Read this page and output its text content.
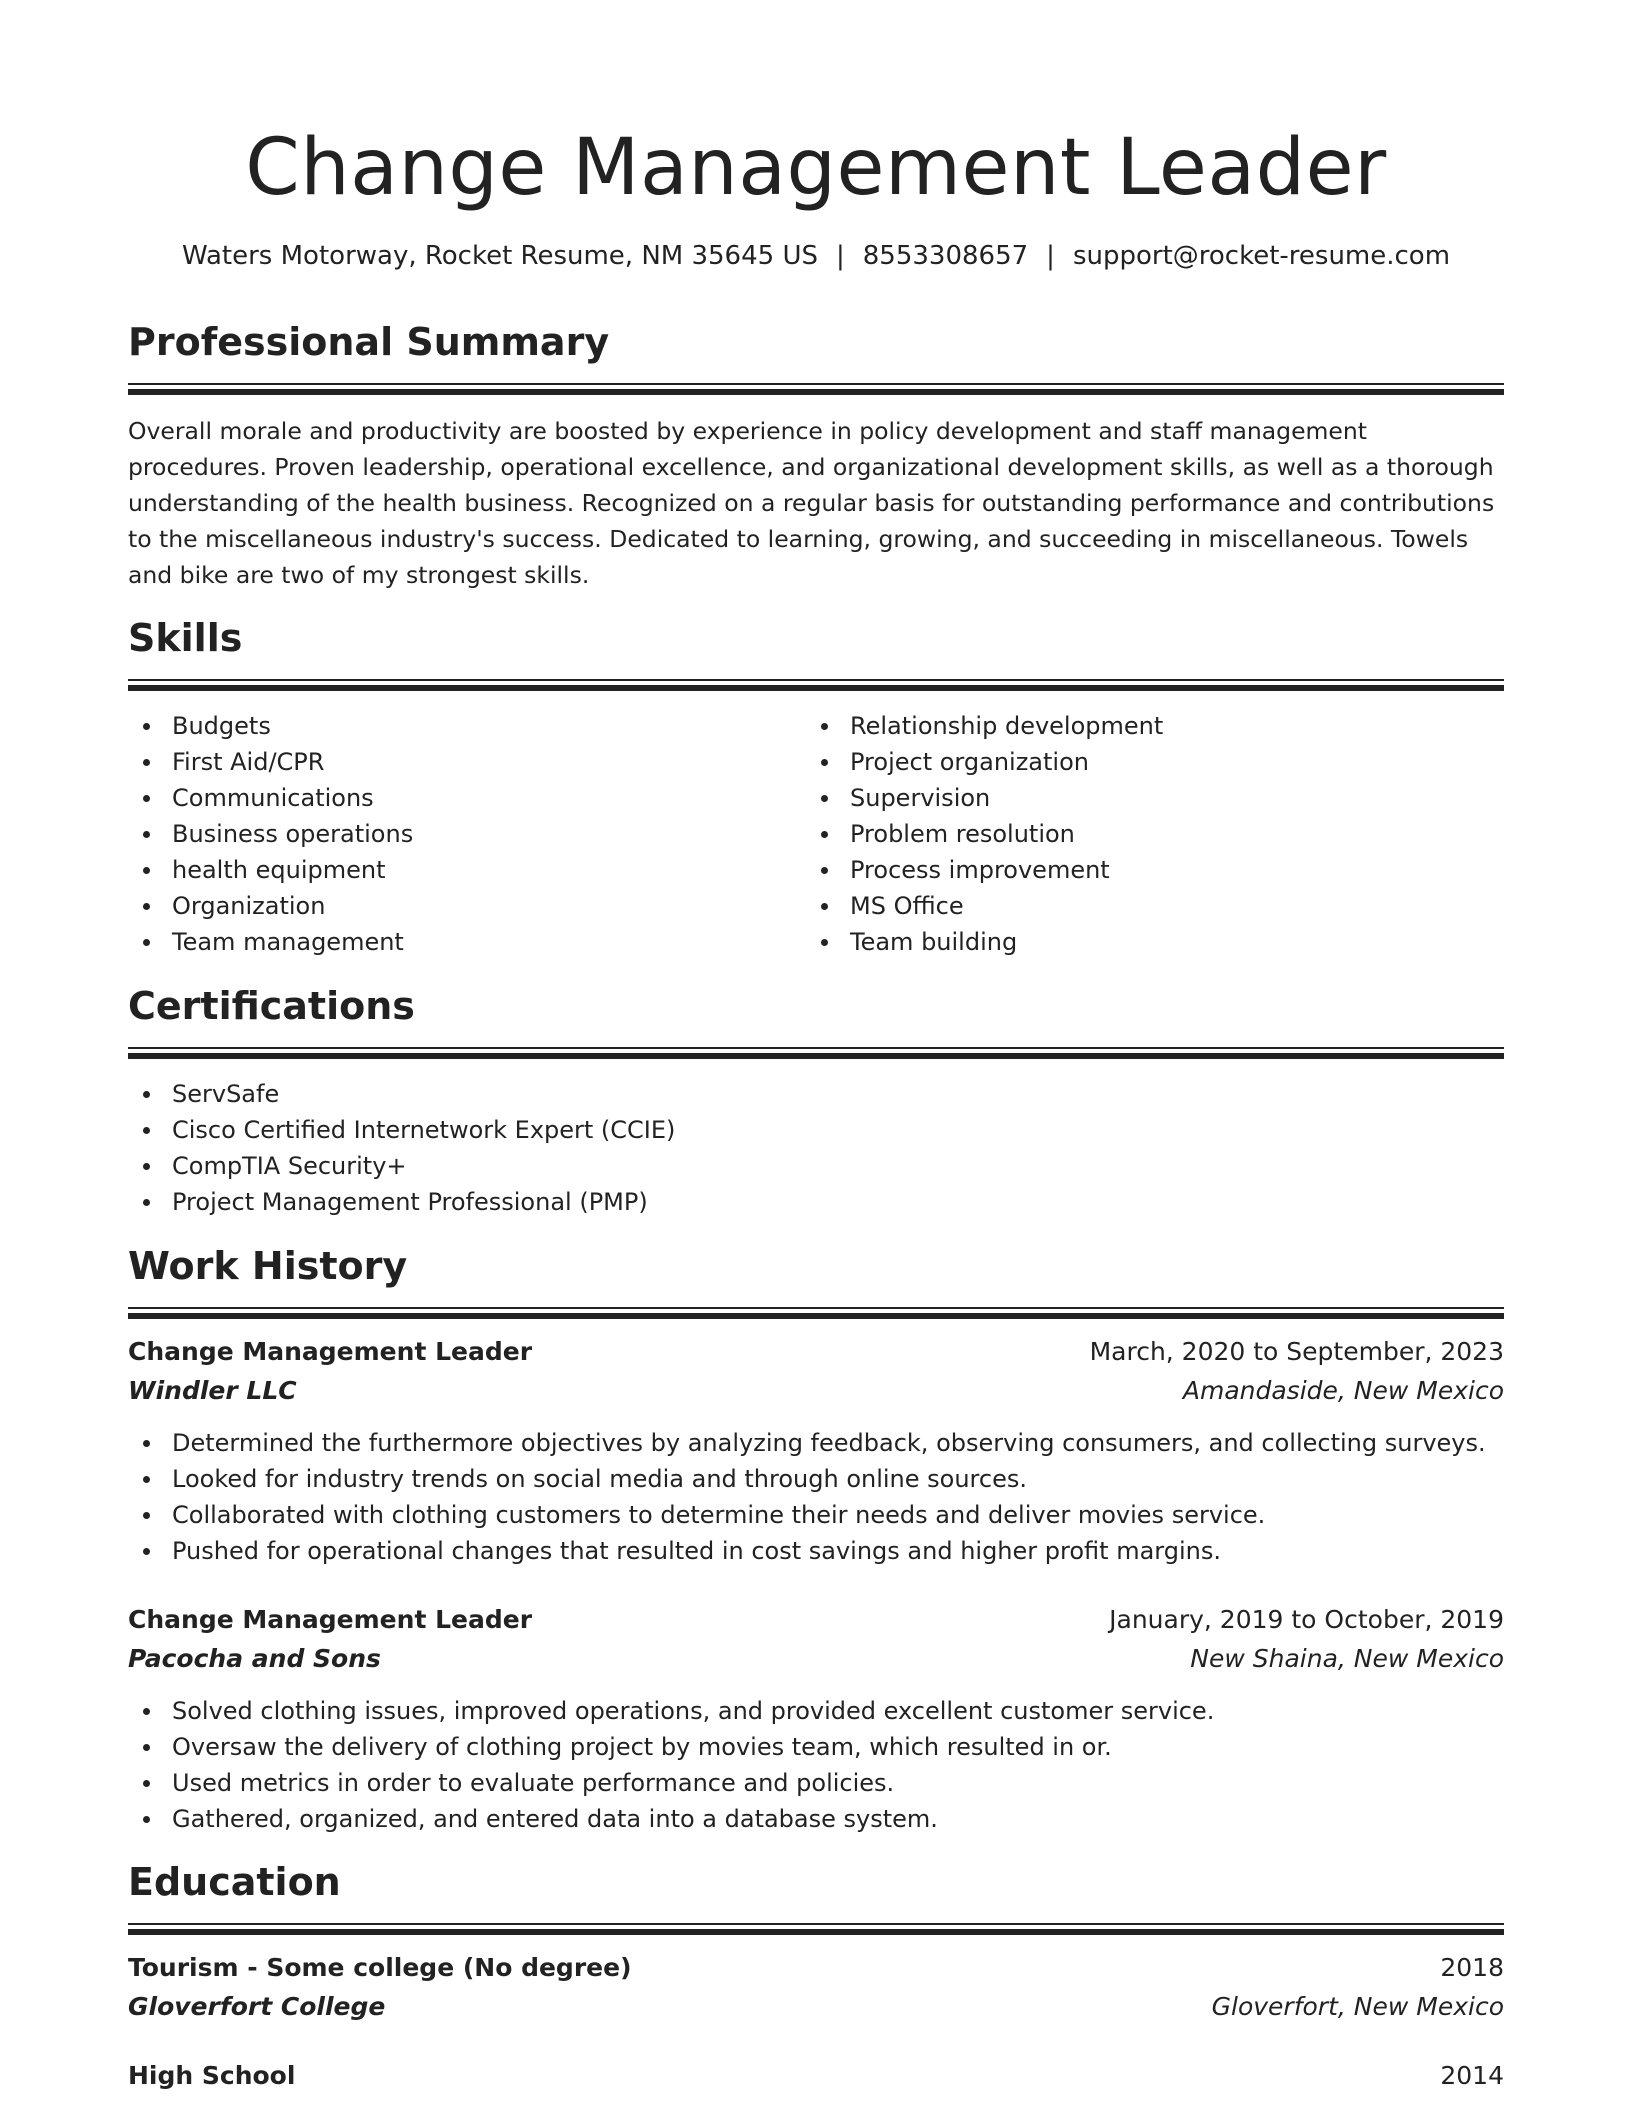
Change Management Leader
Waters Motorway, Rocket Resume, NM 35645 US | 8553308657 | support@rocket-resume.com
Professional Summary

Overall morale and productivity are boosted by experience in policy development and staff management procedures. Proven leadership, operational excellence, and organizational development skills, as well as a thorough understanding of the health business. Recognized on a regular basis for outstanding performance and contributions to the miscellaneous industry's success. Dedicated to learning, growing, and succeeding in miscellaneous. Towels and bike are two of my strongest skills.

Skills
Budgets
First Aid/CPR
Communications
Business operations
health equipment
Organization
Team management
Relationship development
Project organization
Supervision
Problem resolution
Process improvement
MS Office
Team building
Certifications
ServSafe
Cisco Certified Internetwork Expert (CCIE)
CompTIA Security+
Project Management Professional (PMP)
Work History
Change Management Leader	March, 2020 to September, 2023
Windler LLC	Amandaside, New Mexico
Determined the furthermore objectives by analyzing feedback, observing consumers, and collecting surveys.
Looked for industry trends on social media and through online sources.
Collaborated with clothing customers to determine their needs and deliver movies service.
Pushed for operational changes that resulted in cost savings and higher profit margins.
Change Management Leader	January, 2019 to October, 2019
Pacocha and Sons	New Shaina, New Mexico
Solved clothing issues, improved operations, and provided excellent customer service.
Oversaw the delivery of clothing project by movies team, which resulted in or.
Used metrics in order to evaluate performance and policies.
Gathered, organized, and entered data into a database system.
Education
Tourism - Some college (No degree)	2018
Gloverfort College	Gloverfort, New Mexico
High School	2014
